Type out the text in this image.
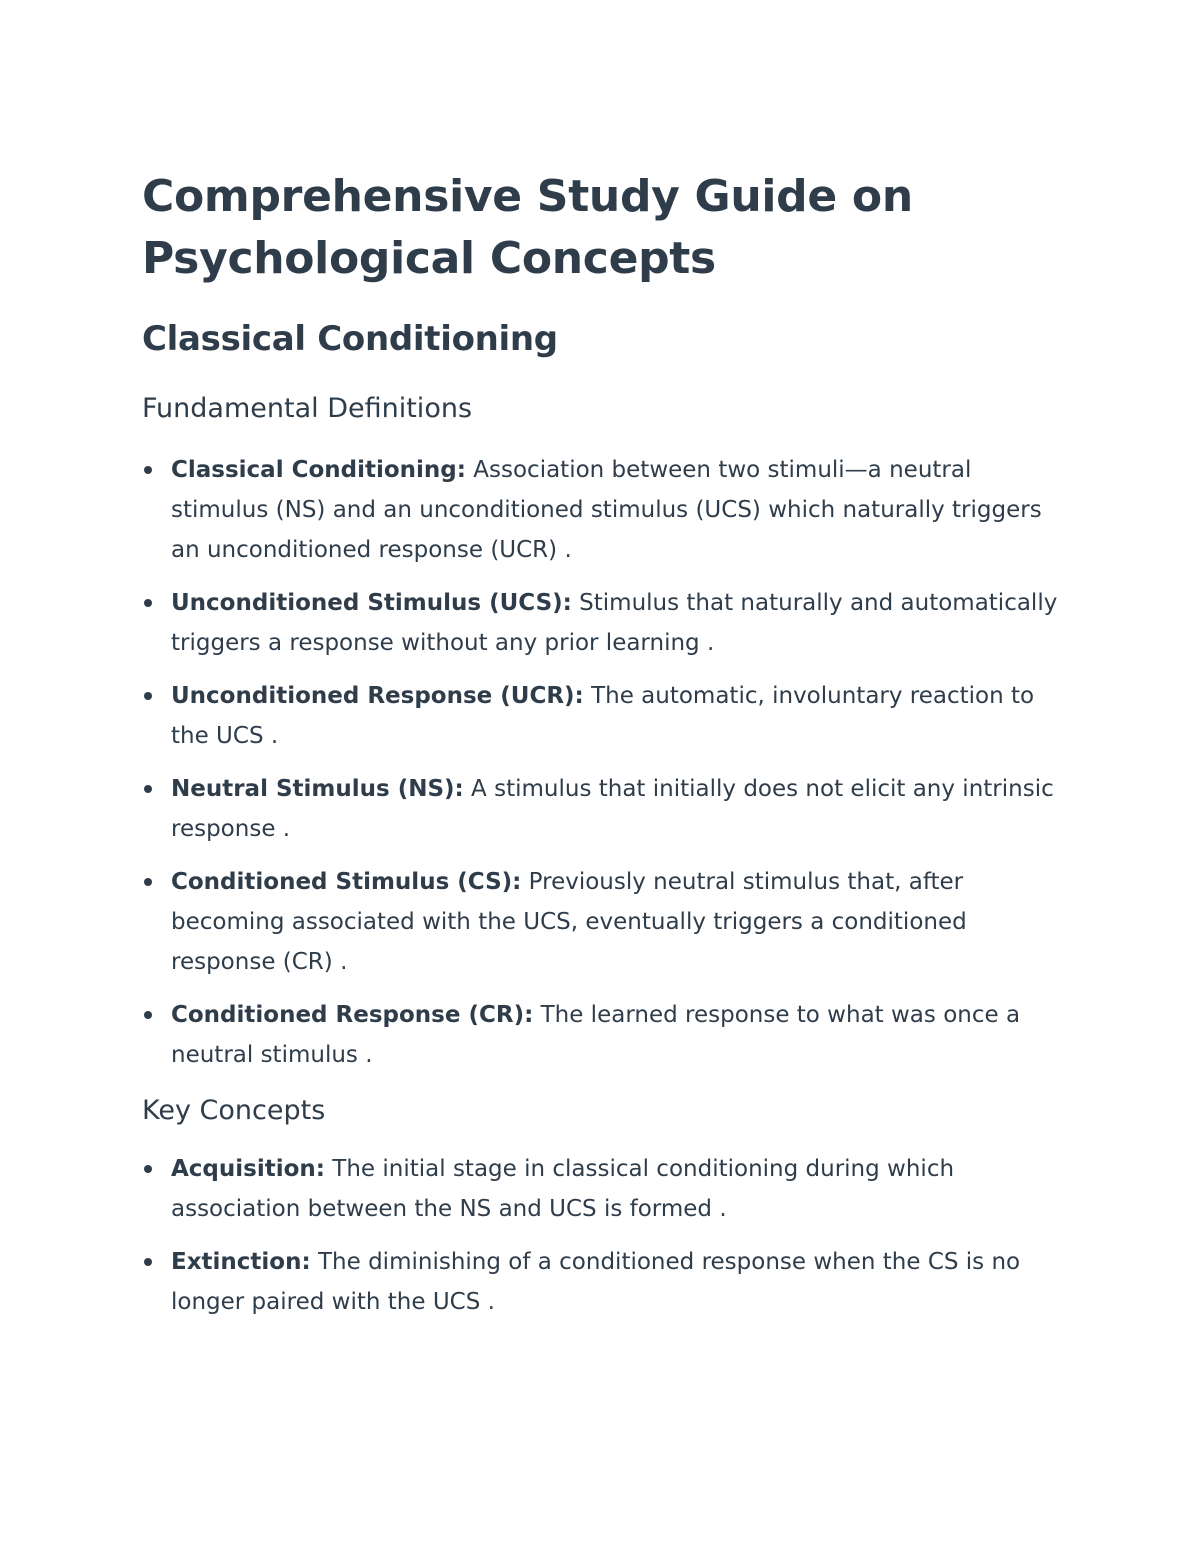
Comprehensive Study Guide on Psychological Concepts
Classical Conditioning
Fundamental Definitions
Classical Conditioning: Association between two stimuli—a neutral stimulus (NS) and an unconditioned stimulus (UCS) which naturally triggers an unconditioned response (UCR) .
Unconditioned Stimulus (UCS): Stimulus that naturally and automatically triggers a response without any prior learning .
Unconditioned Response (UCR): The automatic, involuntary reaction to the UCS .
Neutral Stimulus (NS): A stimulus that initially does not elicit any intrinsic response .
Conditioned Stimulus (CS): Previously neutral stimulus that, after becoming associated with the UCS, eventually triggers a conditioned response (CR) .
Conditioned Response (CR): The learned response to what was once a neutral stimulus .
Key Concepts
Acquisition: The initial stage in classical conditioning during which association between the NS and UCS is formed .
Extinction: The diminishing of a conditioned response when the CS is no longer paired with the UCS .
